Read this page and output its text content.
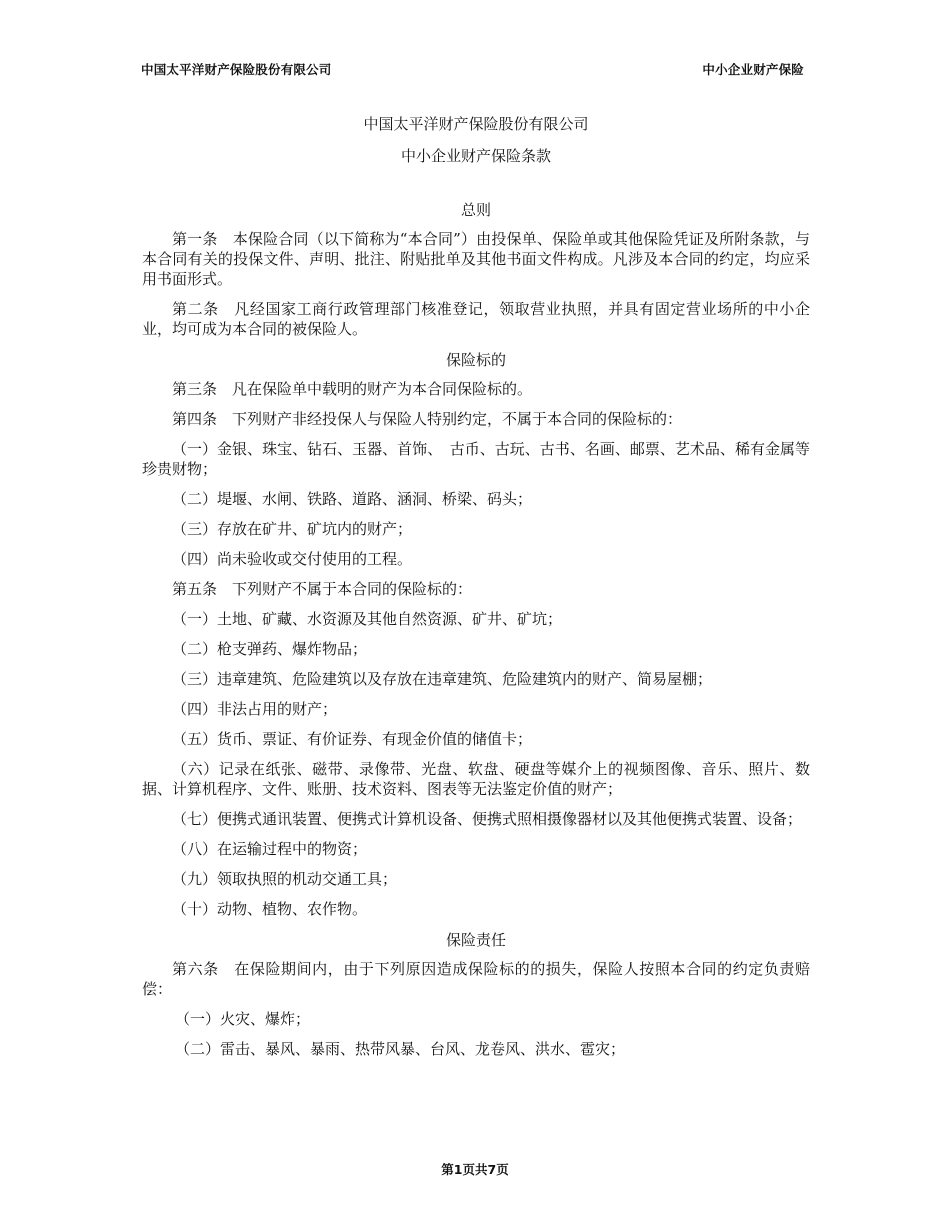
中国太平洋财产保险股份有限公司	中小企业财产保险
中国太平洋财产保险股份有限公司
中小企业财产保险条款
总则

第一条　本保险合同（以下简称为“本合同”）由投保单、保险单或其他保险凭证及所附条款，与本合同有关的投保文件、声明、批注、附贴批单及其他书面文件构成。凡涉及本合同的约定，均应采用书面形式。

第二条　凡经国家工商行政管理部门核准登记，领取营业执照，并具有固定营业场所的中小企业，均可成为本合同的被保险人。

保险标的

第三条　凡在保险单中载明的财产为本合同保险标的。

第四条　下列财产非经投保人与保险人特别约定，不属于本合同的保险标的：

（一）金银、珠宝、钻石、玉器、首饰、　古币、古玩、古书、名画、邮票、艺术品、稀有金属等珍贵财物；

（二）堤堰、水闸、铁路、道路、涵洞、桥梁、码头；

（三）存放在矿井、矿坑内的财产；

（四）尚未验收或交付使用的工程。

第五条　下列财产不属于本合同的保险标的：

（一）土地、矿藏、水资源及其他自然资源、矿井、矿坑；

（二）枪支弹药、爆炸物品；

（三）违章建筑、危险建筑以及存放在违章建筑、危险建筑内的财产、简易屋棚；

（四）非法占用的财产；

（五）货币、票证、有价证券、有现金价值的储值卡；

（六）记录在纸张、磁带、录像带、光盘、软盘、硬盘等媒介上的视频图像、音乐、照片、数据、计算机程序、文件、账册、技术资料、图表等无法鉴定价值的财产；

（七）便携式通讯装置、便携式计算机设备、便携式照相摄像器材以及其他便携式装置、设备；

（八）在运输过程中的物资；

（九）领取执照的机动交通工具；

（十）动物、植物、农作物。

保险责任

第六条　在保险期间内，由于下列原因造成保险标的的损失，保险人按照本合同的约定负责赔偿：

（一）火灾、爆炸；

（二）雷击、暴风、暴雨、热带风暴、台风、龙卷风、洪水、雹灾；

第1页共7页
